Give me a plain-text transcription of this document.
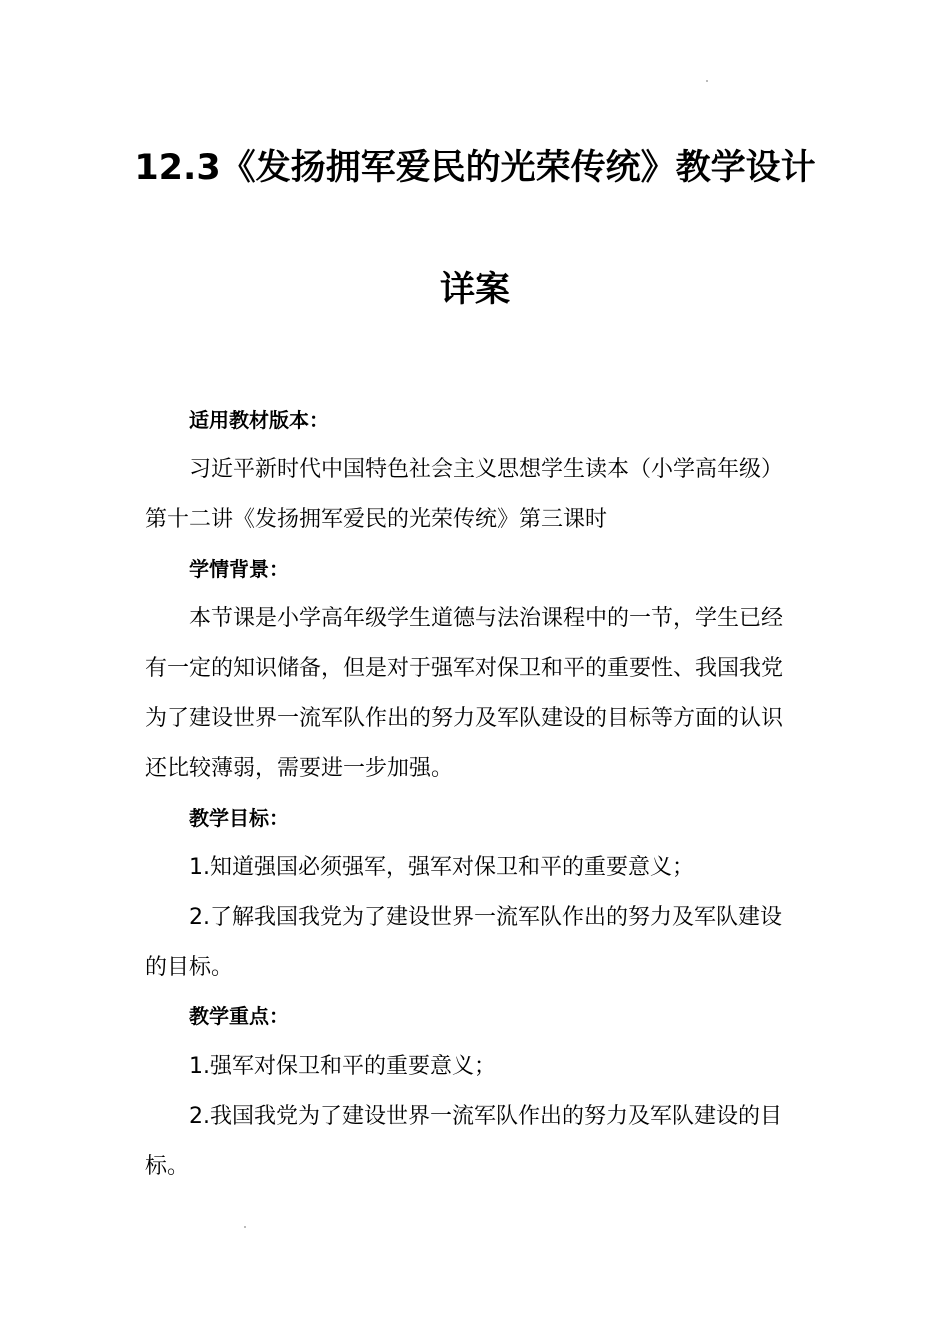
12.3《发扬拥军爱民的光荣传统》教学设计
详案
适用教材版本：
习近平新时代中国特色社会主义思想学生读本（小学高年级）
第十二讲《发扬拥军爱民的光荣传统》第三课时
学情背景：
本节课是小学高年级学生道德与法治课程中的一节，学生已经
有一定的知识储备，但是对于强军对保卫和平的重要性、我国我党
为了建设世界一流军队作出的努力及军队建设的目标等方面的认识
还比较薄弱，需要进一步加强。
教学目标：
1.知道强国必须强军，强军对保卫和平的重要意义；
2.了解我国我党为了建设世界一流军队作出的努力及军队建设
的目标。
教学重点：
1.强军对保卫和平的重要意义；
2.我国我党为了建设世界一流军队作出的努力及军队建设的目
标。
